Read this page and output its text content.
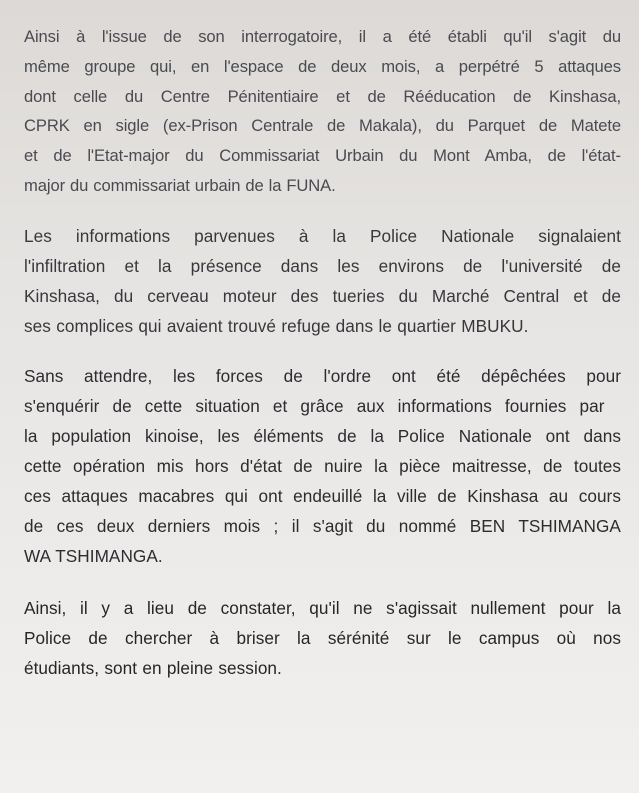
Ainsi à l'issue de son interrogatoire, il a été établi qu'il s'agit du
même groupe qui, en l'espace de deux mois, a perpétré 5 attaques
dont celle du Centre Pénitentiaire et de Rééducation de Kinshasa,
CPRK en sigle (ex-Prison Centrale de Makala), du Parquet de Matete
et de l'Etat-major du Commissariat Urbain du Mont Amba, de l'état-
major du commissariat urbain de la FUNA.
Les informations parvenues à la Police Nationale signalaient
l'infiltration et la présence dans les environs de l'université de
Kinshasa, du cerveau moteur des tueries du Marché Central et de
ses complices qui avaient trouvé refuge dans le quartier MBUKU.
Sans attendre, les forces de l'ordre ont été dépêchées pour
s'enquérir de cette situation et grâce aux informations fournies par
la population kinoise, les éléments de la Police Nationale ont dans
cette opération mis hors d'état de nuire la pièce maitresse, de toutes
ces attaques macabres qui ont endeuillé la ville de Kinshasa au cours
de ces deux derniers mois ; il s'agit du nommé BEN TSHIMANGA
WA TSHIMANGA.
Ainsi, il y a lieu de constater, qu'il ne s'agissait nullement pour la
Police de chercher à briser la sérénité sur le campus où nos
étudiants, sont en pleine session.
